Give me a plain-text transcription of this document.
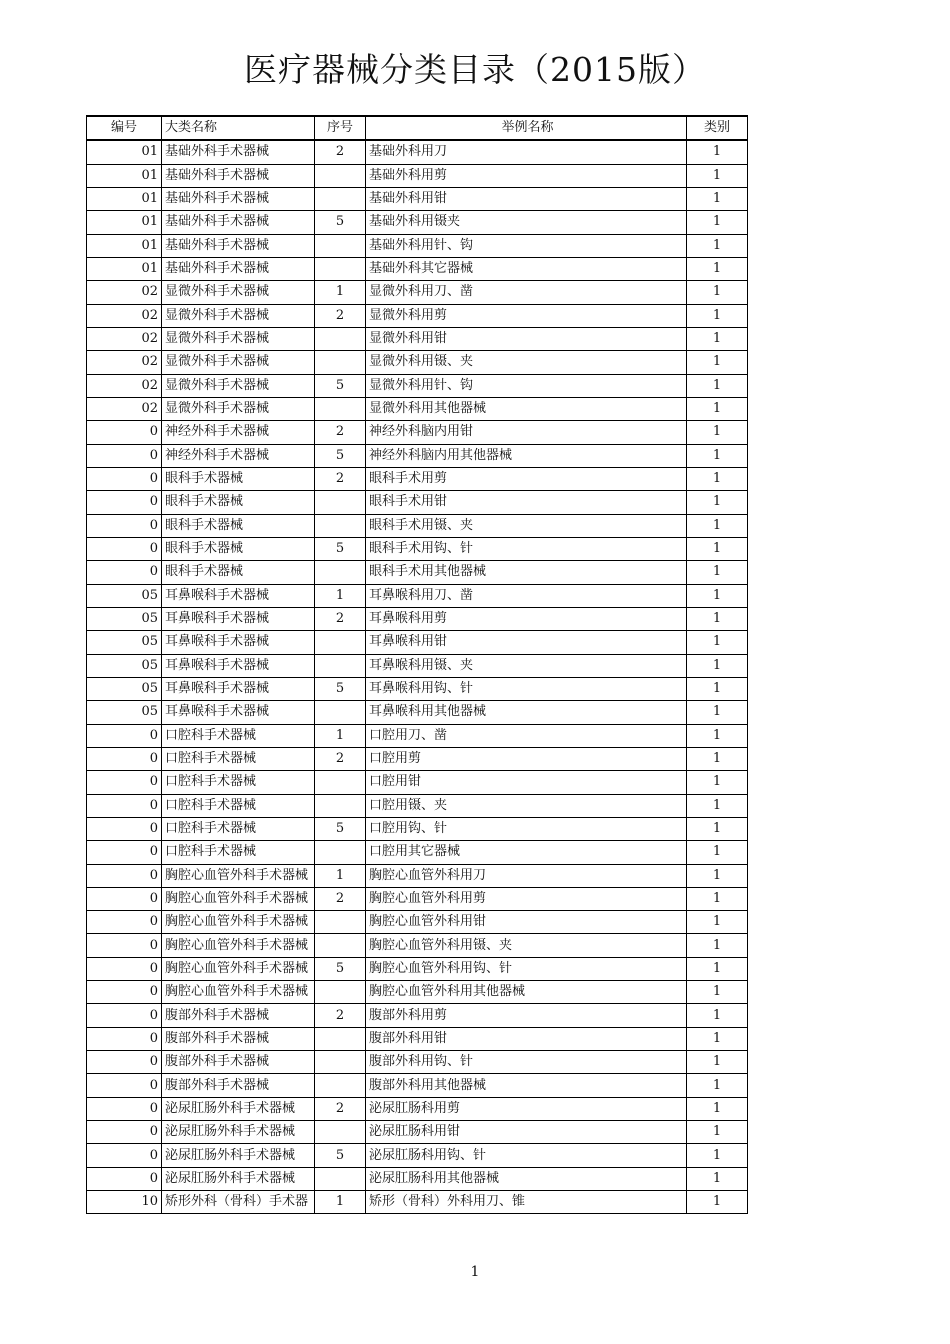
医疗器械分类目录（2015版）
编号	大类名称	序号	举例名称	类别
01	基础外科手术器械	2	基础外科用刀	1
01	基础外科手术器械		基础外科用剪	1
01	基础外科手术器械		基础外科用钳	1
01	基础外科手术器械	5	基础外科用镊夹	1
01	基础外科手术器械		基础外科用针、钩	1
01	基础外科手术器械		基础外科其它器械	1
02	显微外科手术器械	1	显微外科用刀、凿	1
02	显微外科手术器械	2	显微外科用剪	1
02	显微外科手术器械		显微外科用钳	1
02	显微外科手术器械		显微外科用镊、夹	1
02	显微外科手术器械	5	显微外科用针、钩	1
02	显微外科手术器械		显微外科用其他器械	1
0	神经外科手术器械	2	神经外科脑内用钳	1
0	神经外科手术器械	5	神经外科脑内用其他器械	1
0	眼科手术器械	2	眼科手术用剪	1
0	眼科手术器械		眼科手术用钳	1
0	眼科手术器械		眼科手术用镊、夹	1
0	眼科手术器械	5	眼科手术用钩、针	1
0	眼科手术器械		眼科手术用其他器械	1
05	耳鼻喉科手术器械	1	耳鼻喉科用刀、凿	1
05	耳鼻喉科手术器械	2	耳鼻喉科用剪	1
05	耳鼻喉科手术器械		耳鼻喉科用钳	1
05	耳鼻喉科手术器械		耳鼻喉科用镊、夹	1
05	耳鼻喉科手术器械	5	耳鼻喉科用钩、针	1
05	耳鼻喉科手术器械		耳鼻喉科用其他器械	1
0	口腔科手术器械	1	口腔用刀、凿	1
0	口腔科手术器械	2	口腔用剪	1
0	口腔科手术器械		口腔用钳	1
0	口腔科手术器械		口腔用镊、夹	1
0	口腔科手术器械	5	口腔用钩、针	1
0	口腔科手术器械		口腔用其它器械	1
0	胸腔心血管外科手术器械	1	胸腔心血管外科用刀	1
0	胸腔心血管外科手术器械	2	胸腔心血管外科用剪	1
0	胸腔心血管外科手术器械		胸腔心血管外科用钳	1
0	胸腔心血管外科手术器械		胸腔心血管外科用镊、夹	1
0	胸腔心血管外科手术器械	5	胸腔心血管外科用钩、针	1
0	胸腔心血管外科手术器械		胸腔心血管外科用其他器械	1
0	腹部外科手术器械	2	腹部外科用剪	1
0	腹部外科手术器械		腹部外科用钳	1
0	腹部外科手术器械		腹部外科用钩、针	1
0	腹部外科手术器械		腹部外科用其他器械	1
0	泌尿肛肠外科手术器械	2	泌尿肛肠科用剪	1
0	泌尿肛肠外科手术器械		泌尿肛肠科用钳	1
0	泌尿肛肠外科手术器械	5	泌尿肛肠科用钩、针	1
0	泌尿肛肠外科手术器械		泌尿肛肠科用其他器械	1
10	矫形外科（骨科）手术器	1	矫形（骨科）外科用刀、锥	1
1
